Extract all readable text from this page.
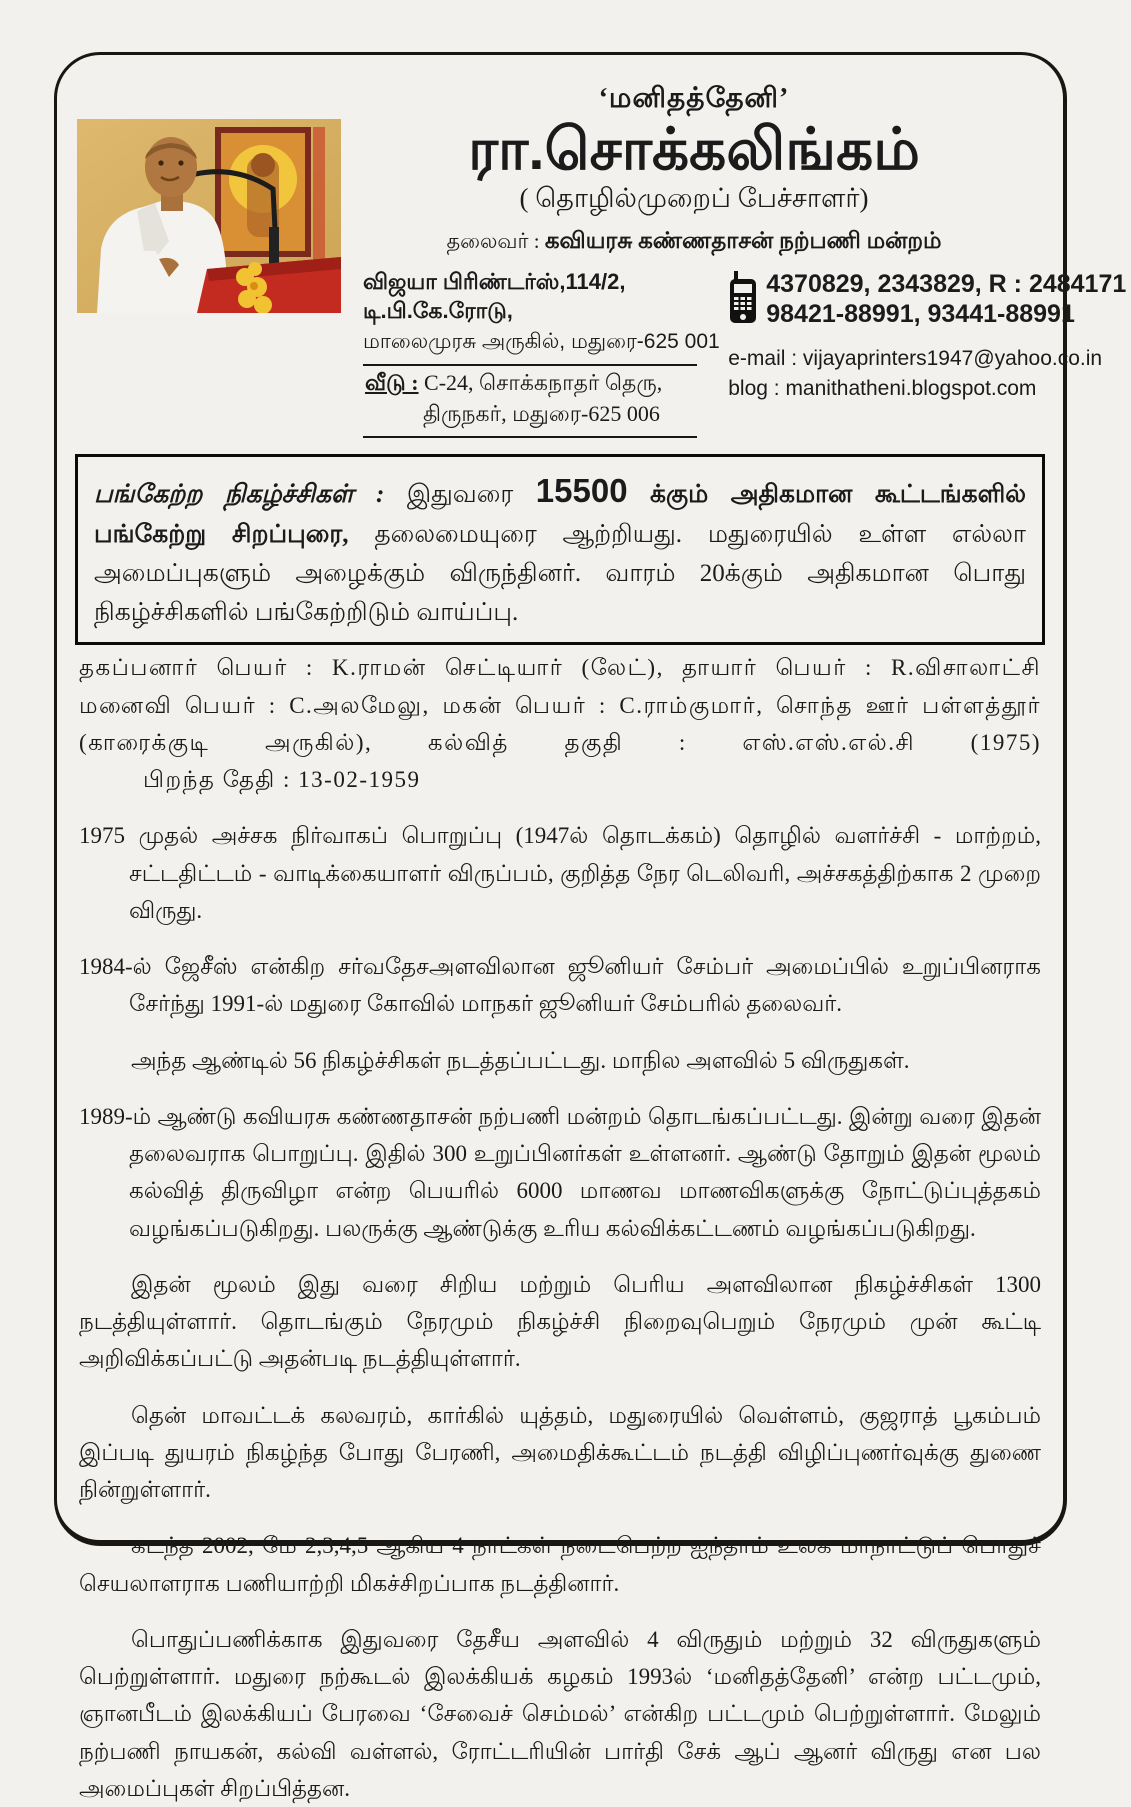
‘மனிதத்தேனி’
ரா.சொக்கலிங்கம்
( தொழில்முறைப் பேச்சாளர்)
தலைவர் : கவியரசு கண்ணதாசன் நற்பணி மன்றம்
விஜயா பிரிண்டர்ஸ்,114/2, டி.பி.கே.ரோடு,
மாலைமுரசு அருகில், மதுரை-625 001
வீடு : C-24, சொக்கநாதர் தெரு,
திருநகர், மதுரை-625 006
4370829, 2343829, R : 2484171
98421-88991, 93441-88991
e-mail : vijayaprinters1947@yahoo.co.in
blog : manithatheni.blogspot.com
பங்கேற்ற நிகழ்ச்சிகள் : இதுவரை 15500 க்கும் அதிகமான கூட்டங்களில் பங்கேற்று சிறப்புரை, தலைமையுரை ஆற்றியது. மதுரையில் உள்ள எல்லா அமைப்புகளும் அழைக்கும் விருந்தினர். வாரம் 20க்கும் அதிகமான பொது நிகழ்ச்சிகளில் பங்கேற்றிடும் வாய்ப்பு.

தகப்பனார் பெயர் : K.ராமன் செட்டியார் (லேட்), தாயார் பெயர் : R.விசாலாட்சி மனைவி பெயர் : C.அலமேலு, மகன் பெயர் : C.ராம்குமார், சொந்த ஊர் பள்ளத்தூர் (காரைக்குடி அருகில்), கல்வித் தகுதி : எஸ்.எஸ்.எல்.சி (1975) பிறந்த தேதி : 13-02-1959

1975 முதல் அச்சக நிர்வாகப் பொறுப்பு (1947ல் தொடக்கம்) தொழில் வளர்ச்சி - மாற்றம், சட்டதிட்டம் - வாடிக்கையாளர் விருப்பம், குறித்த நேர டெலிவரி, அச்சகத்திற்காக 2 முறை விருது.

1984-ல் ஜேசீஸ் என்கிற சர்வதேசஅளவிலான ஜூனியர் சேம்பர் அமைப்பில் உறுப்பினராக சேர்ந்து 1991-ல் மதுரை கோவில் மாநகர் ஜூனியர் சேம்பரில் தலைவர்.

அந்த ஆண்டில் 56 நிகழ்ச்சிகள் நடத்தப்பட்டது. மாநில அளவில் 5 விருதுகள்.

1989-ம் ஆண்டு கவியரசு கண்ணதாசன் நற்பணி மன்றம் தொடங்கப்பட்டது. இன்று வரை இதன் தலைவராக பொறுப்பு. இதில் 300 உறுப்பினர்கள் உள்ளனர். ஆண்டு தோறும் இதன் மூலம் கல்வித் திருவிழா என்ற பெயரில் 6000 மாணவ மாணவிகளுக்கு நோட்டுப்புத்தகம் வழங்கப்படுகிறது. பலருக்கு ஆண்டுக்கு உரிய கல்விக்கட்டணம் வழங்கப்படுகிறது.

இதன் மூலம் இது வரை சிறிய மற்றும் பெரிய அளவிலான நிகழ்ச்சிகள் 1300 நடத்தியுள்ளார். தொடங்கும் நேரமும் நிகழ்ச்சி நிறைவுபெறும் நேரமும் முன் கூட்டி அறிவிக்கப்பட்டு அதன்படி நடத்தியுள்ளார்.

தென் மாவட்டக் கலவரம், கார்கில் யுத்தம், மதுரையில் வெள்ளம், குஜராத் பூகம்பம் இப்படி துயரம் நிகழ்ந்த போது பேரணி, அமைதிக்கூட்டம் நடத்தி விழிப்புணர்வுக்கு துணை நின்றுள்ளார்.

கடந்த 2002, மே 2,3,4,5 ஆகிய 4 நாட்கள் நடைபெற்ற ஐந்தாம் உலக மாநாட்டுப் பொதுச் செயலாளராக பணியாற்றி மிகச்சிறப்பாக நடத்தினார்.

பொதுப்பணிக்காக இதுவரை தேசீய அளவில் 4 விருதும் மற்றும் 32 விருதுகளும் பெற்றுள்ளார். மதுரை நற்கூடல் இலக்கியக் கழகம் 1993ல் ‘மனிதத்தேனி’ என்ற பட்டமும், ஞானபீடம் இலக்கியப் பேரவை ‘சேவைச் செம்மல்’ என்கிற பட்டமும் பெற்றுள்ளார். மேலும் நற்பணி நாயகன், கல்வி வள்ளல், ரோட்டரியின் பார்தி சேக் ஆப் ஆனர் விருது என பல அமைப்புகள் சிறப்பித்தன.
